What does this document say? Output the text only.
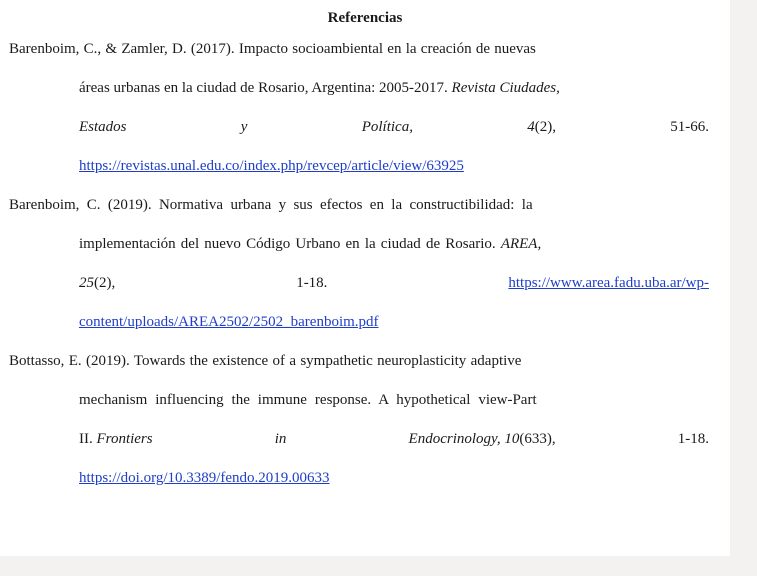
Referencias
Barenboim, C., & Zamler, D. (2017). Impacto socioambiental en la creación de nuevas
áreas urbanas en la ciudad de Rosario, Argentina: 2005-2017. Revista Ciudades,
Estados	y	Política,	4(2),	51-66.
https://revistas.unal.edu.co/index.php/revcep/article/view/63925
Barenboim, C. (2019). Normativa urbana y sus efectos en la constructibilidad: la
implementación del nuevo Código Urbano en la ciudad de Rosario. AREA,
25(2),	1-18.	https://www.area.fadu.uba.ar/wp-
content/uploads/AREA2502/2502_barenboim.pdf
Bottasso, E. (2019). Towards the existence of a sympathetic neuroplasticity adaptive
mechanism influencing the immune response. A hypothetical view-Part
II. Frontiers	in	Endocrinology, 10(633),	1-18.
https://doi.org/10.3389/fendo.2019.00633
